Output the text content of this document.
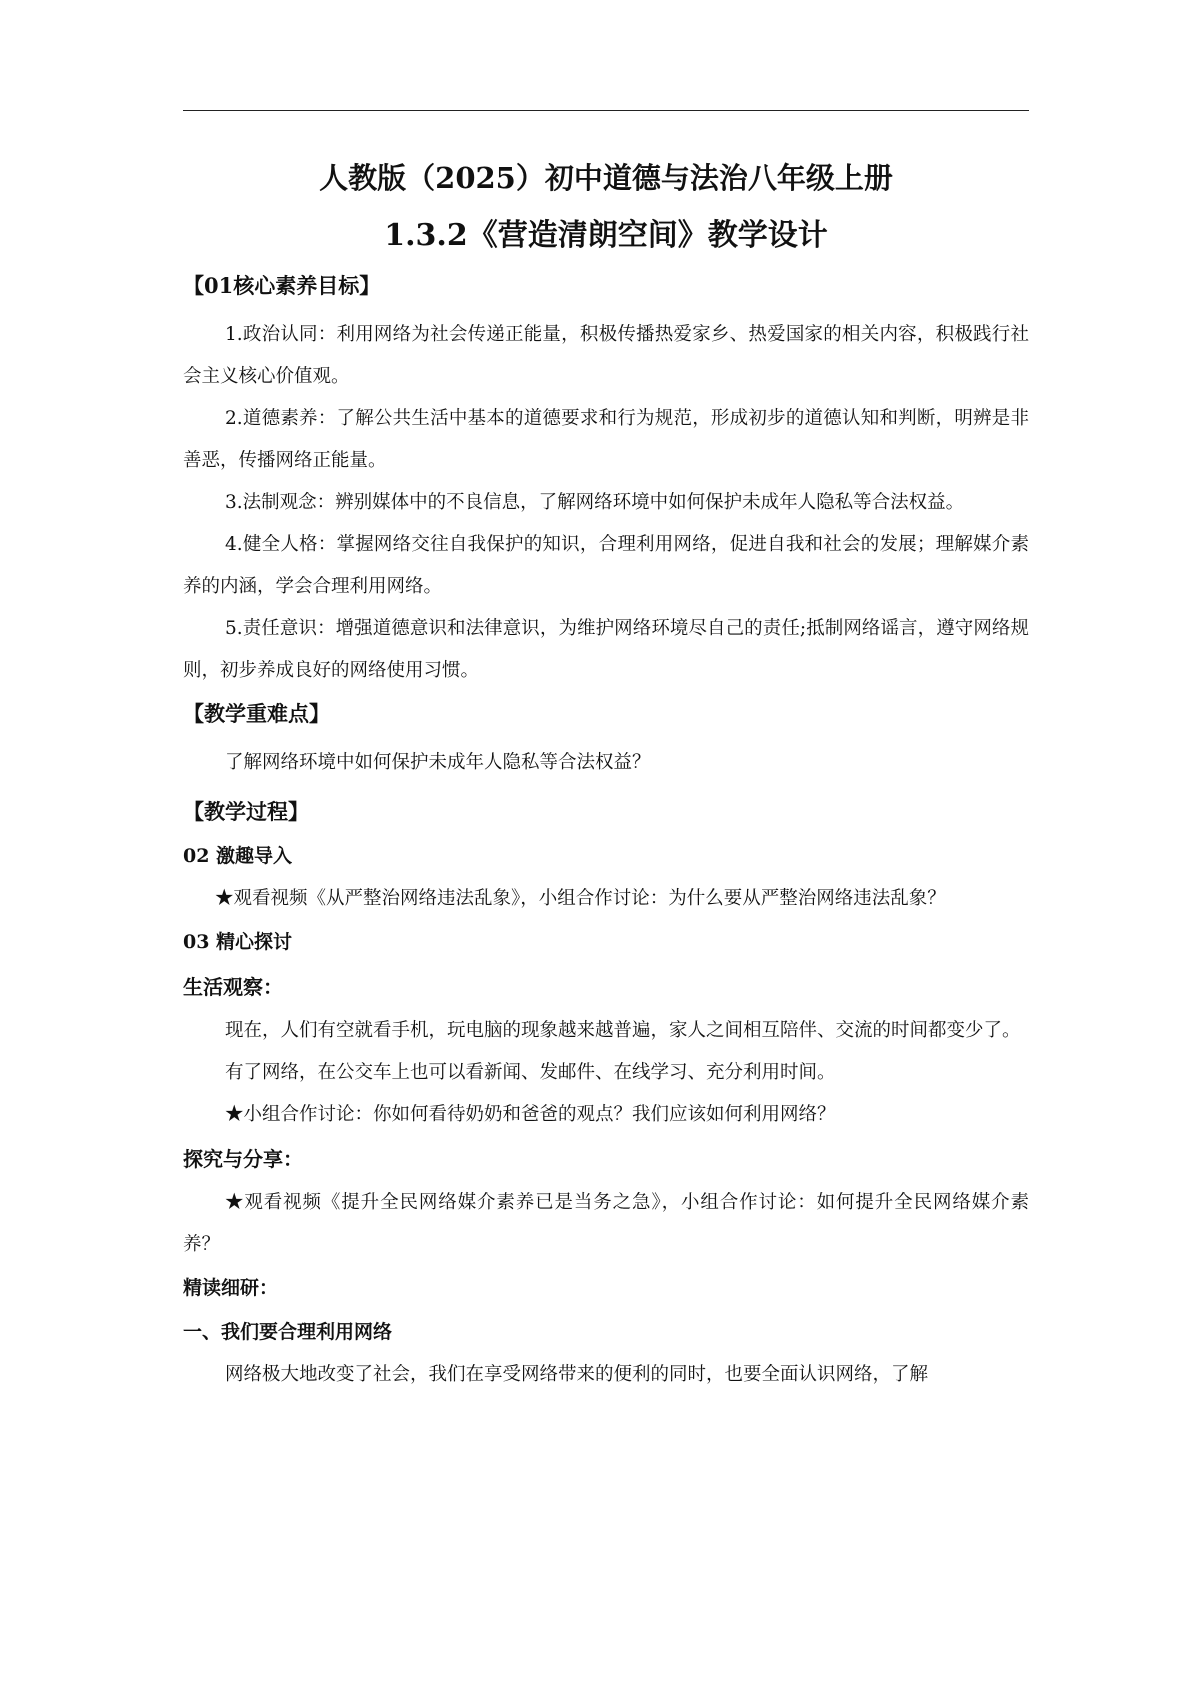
人教版（2025）初中道德与法治八年级上册
1.3.2《营造清朗空间》教学设计
【01核心素养目标】

1.政治认同：利用网络为社会传递正能量，积极传播热爱家乡、热爱国家的相关内容，积极践行社会主义核心价值观。

2.道德素养：了解公共生活中基本的道德要求和行为规范，形成初步的道德认知和判断，明辨是非善恶，传播网络正能量。

3.法制观念：辨别媒体中的不良信息，了解网络环境中如何保护未成年人隐私等合法权益。

4.健全人格：掌握网络交往自我保护的知识，合理利用网络，促进自我和社会的发展；理解媒介素养的内涵，学会合理利用网络。

5.责任意识：增强道德意识和法律意识，为维护网络环境尽自己的责任;抵制网络谣言，遵守网络规则，初步养成良好的网络使用习惯。

【教学重难点】

了解网络环境中如何保护未成年人隐私等合法权益？

【教学过程】
02 激趣导入

★观看视频《从严整治网络违法乱象》，小组合作讨论：为什么要从严整治网络违法乱象？

03 精心探讨
生活观察：

现在，人们有空就看手机，玩电脑的现象越来越普遍，家人之间相互陪伴、交流的时间都变少了。

有了网络，在公交车上也可以看新闻、发邮件、在线学习、充分利用时间。

★小组合作讨论：你如何看待奶奶和爸爸的观点？我们应该如何利用网络？

探究与分享：

★观看视频《提升全民网络媒介素养已是当务之急》，小组合作讨论：如何提升全民网络媒介素养？

精读细研：
一、我们要合理利用网络

网络极大地改变了社会，我们在享受网络带来的便利的同时，也要全面认识网络，了解
